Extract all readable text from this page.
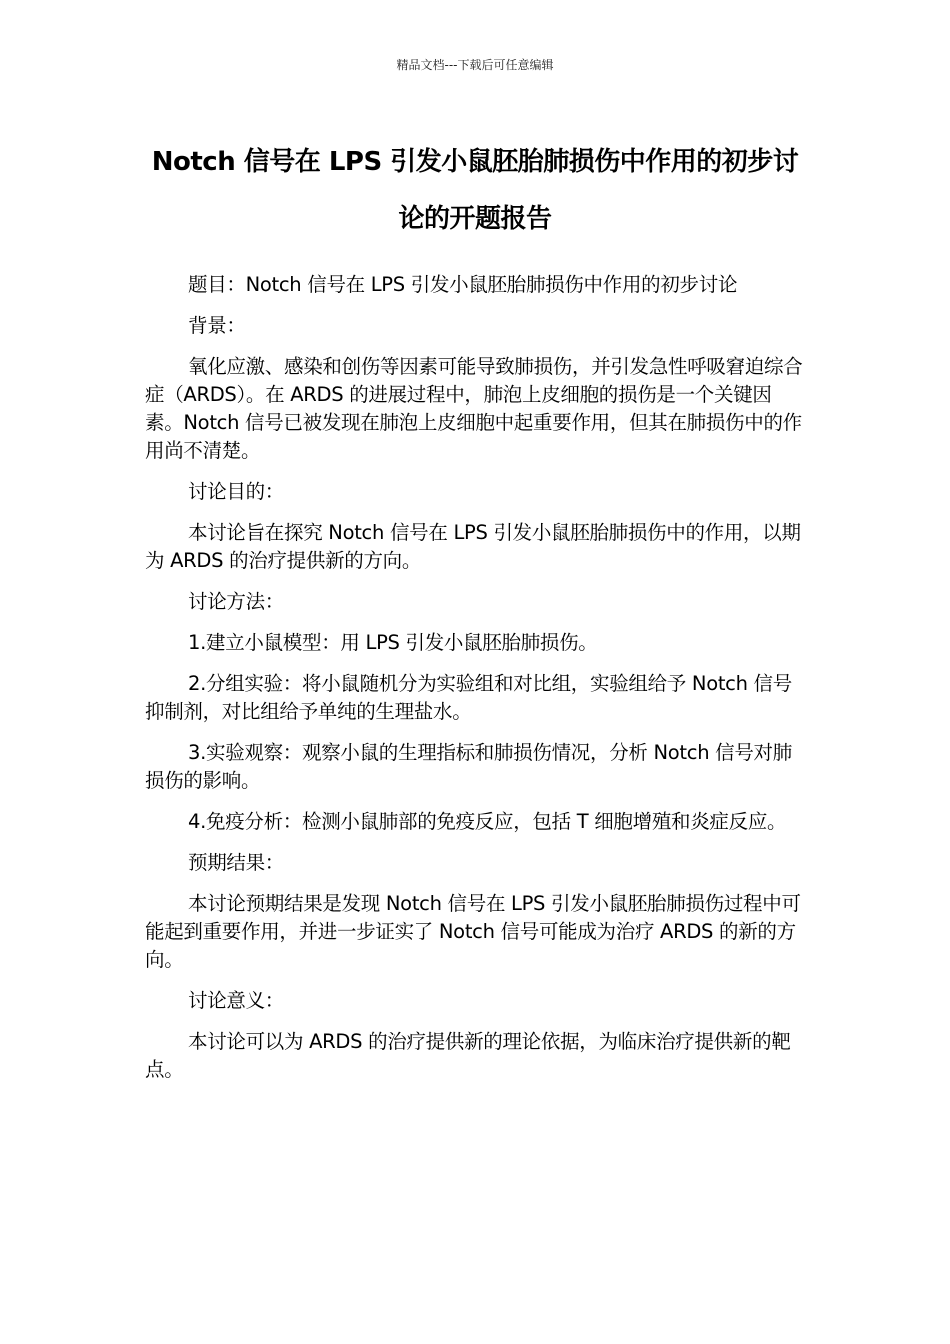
精品文档---下载后可任意编辑
Notch 信号在 LPS 引发小鼠胚胎肺损伤中作用的初步讨论的开题报告

题目：Notch 信号在 LPS 引发小鼠胚胎肺损伤中作用的初步讨论

背景：

氧化应激、感染和创伤等因素可能导致肺损伤，并引发急性呼吸窘迫综合症（ARDS）。在 ARDS 的进展过程中，肺泡上皮细胞的损伤是一个关键因素。Notch 信号已被发现在肺泡上皮细胞中起重要作用，但其在肺损伤中的作用尚不清楚。

讨论目的：

本讨论旨在探究 Notch 信号在 LPS 引发小鼠胚胎肺损伤中的作用，以期为 ARDS 的治疗提供新的方向。

讨论方法：

1.建立小鼠模型：用 LPS 引发小鼠胚胎肺损伤。

2.分组实验：将小鼠随机分为实验组和对比组，实验组给予 Notch 信号抑制剂，对比组给予单纯的生理盐水。

3.实验观察：观察小鼠的生理指标和肺损伤情况，分析 Notch 信号对肺损伤的影响。

4.免疫分析：检测小鼠肺部的免疫反应，包括 T 细胞增殖和炎症反应。

预期结果：

本讨论预期结果是发现 Notch 信号在 LPS 引发小鼠胚胎肺损伤过程中可能起到重要作用，并进一步证实了 Notch 信号可能成为治疗 ARDS 的新的方向。

讨论意义：

本讨论可以为 ARDS 的治疗提供新的理论依据，为临床治疗提供新的靶点。
